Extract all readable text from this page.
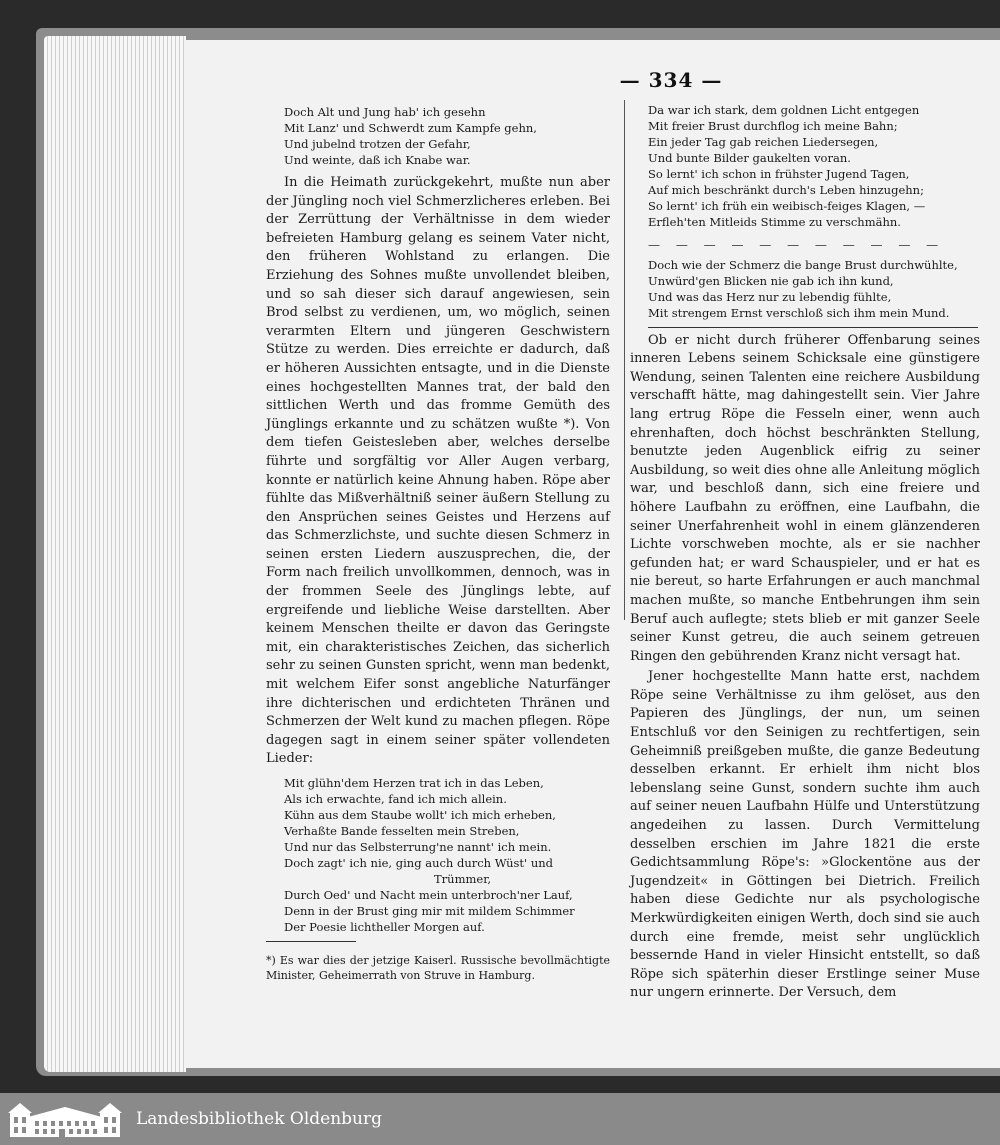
— 334 —
Doch Alt und Jung hab' ich gesehn
Mit Lanz' und Schwerdt zum Kampfe gehn,
Und jubelnd trotzen der Gefahr,
Und weinte, daß ich Knabe war.

In die Heimath zurückgekehrt, mußte nun aber der Jüngling noch viel Schmerzlicheres erleben. Bei der Zerrüttung der Verhältnisse in dem wieder befreieten Hamburg gelang es seinem Vater nicht, den früheren Wohlstand zu erlangen. Die Erziehung des Sohnes mußte unvollendet bleiben, und so sah dieser sich darauf angewiesen, sein Brod selbst zu verdienen, um, wo möglich, seinen verarmten Eltern und jüngeren Geschwistern Stütze zu werden. Dies erreichte er dadurch, daß er höheren Aussichten entsagte, und in die Dienste eines hochgestellten Mannes trat, der bald den sittlichen Werth und das fromme Gemüth des Jünglings erkannte und zu schätzen wußte *). Von dem tiefen Geistesleben aber, welches derselbe führte und sorgfältig vor Aller Augen verbarg, konnte er natürlich keine Ahnung haben. Röpe aber fühlte das Mißverhältniß seiner äußern Stellung zu den Ansprüchen seines Geistes und Herzens auf das Schmerzlichste, und suchte diesen Schmerz in seinen ersten Liedern auszusprechen, die, der Form nach freilich unvollkommen, dennoch, was in der frommen Seele des Jünglings lebte, auf ergreifende und liebliche Weise darstellten. Aber keinem Menschen theilte er davon das Geringste mit, ein charakteristisches Zeichen, das sicherlich sehr zu seinen Gunsten spricht, wenn man bedenkt, mit welchem Eifer sonst angebliche Naturfänger ihre dichterischen und erdichteten Thränen und Schmerzen der Welt kund zu machen pflegen. Röpe dagegen sagt in einem seiner später vollendeten Lieder:

Mit glühn'dem Herzen trat ich in das Leben,
Als ich erwachte, fand ich mich allein.
Kühn aus dem Staube wollt' ich mich erheben,
Verhaßte Bande fesselten mein Streben,
Und nur das Selbsterrung'ne nannt' ich mein.
Doch zagt' ich nie, ging auch durch Wüst' und
Trümmer,
Durch Oed' und Nacht mein unterbroch'ner Lauf,
Denn in der Brust ging mir mit mildem Schimmer
Der Poesie lichtheller Morgen auf.

*) Es war dies der jetzige Kaiserl. Russische bevollmächtigte Minister, Geheimerrath von Struve in Hamburg.

Da war ich stark, dem goldnen Licht entgegen
Mit freier Brust durchflog ich meine Bahn;
Ein jeder Tag gab reichen Liedersegen,
Und bunte Bilder gaukelten voran.
So lernt' ich schon in frühster Jugend Tagen,
Auf mich beschränkt durch's Leben hinzugehn;
So lernt' ich früh ein weibisch-feiges Klagen, —
Erfleh'ten Mitleids Stimme zu verschmähn.
— — — — — — — — — — —
Doch wie der Schmerz die bange Brust durchwühlte,
Unwürd'gen Blicken nie gab ich ihn kund,
Und was das Herz nur zu lebendig fühlte,
Mit strengem Ernst verschloß sich ihm mein Mund.

Ob er nicht durch früherer Offenbarung seines inneren Lebens seinem Schicksale eine günstigere Wendung, seinen Talenten eine reichere Ausbildung verschafft hätte, mag dahingestellt sein. Vier Jahre lang ertrug Röpe die Fesseln einer, wenn auch ehrenhaften, doch höchst beschränkten Stellung, benutzte jeden Augenblick eifrig zu seiner Ausbildung, so weit dies ohne alle Anleitung möglich war, und beschloß dann, sich eine freiere und höhere Laufbahn zu eröffnen, eine Laufbahn, die seiner Unerfahrenheit wohl in einem glänzenderen Lichte vorschweben mochte, als er sie nachher gefunden hat; er ward Schauspieler, und er hat es nie bereut, so harte Erfahrungen er auch manchmal machen mußte, so manche Entbehrungen ihm sein Beruf auch auflegte; stets blieb er mit ganzer Seele seiner Kunst getreu, die auch seinem getreuen Ringen den gebührenden Kranz nicht versagt hat.

Jener hochgestellte Mann hatte erst, nachdem Röpe seine Verhältnisse zu ihm gelöset, aus den Papieren des Jünglings, der nun, um seinen Entschluß vor den Seinigen zu rechtfertigen, sein Geheimniß preißgeben mußte, die ganze Bedeutung desselben erkannt. Er erhielt ihm nicht blos lebenslang seine Gunst, sondern suchte ihm auch auf seiner neuen Laufbahn Hülfe und Unterstützung angedeihen zu lassen. Durch Vermittelung desselben erschien im Jahre 1821 die erste Gedichtsammlung Röpe's: »Glockentöne aus der Jugendzeit« in Göttingen bei Dietrich. Freilich haben diese Gedichte nur als psychologische Merkwürdigkeiten einigen Werth, doch sind sie auch durch eine fremde, meist sehr unglücklich bessernde Hand in vieler Hinsicht entstellt, so daß Röpe sich späterhin dieser Erstlinge seiner Muse nur ungern erinnerte. Der Versuch, dem

Landesbibliothek Oldenburg
